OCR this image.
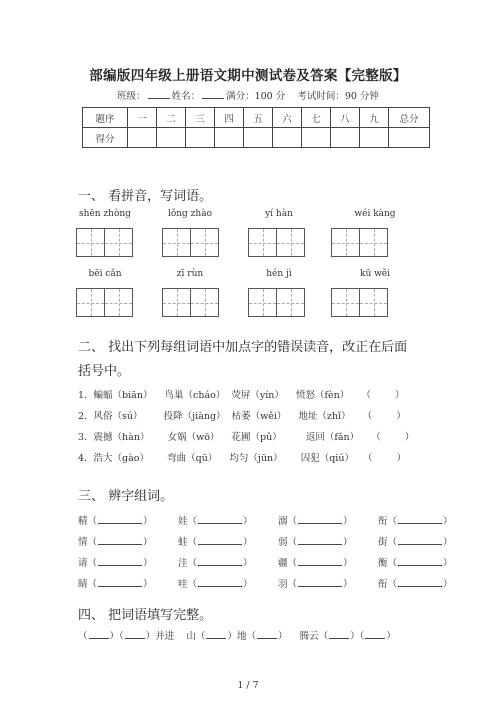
部编版四年级上册语文期中测试卷及答案【完整版】
班级：	姓名：	满分：100 分 考试时间：90 分钟
题序	一	二	三	四	五	六	七	八	九	总分
得分										
一、 看拼音，写词语。
shēn zhòng	lǒng zhào	yí hàn	wéi kàng
bēi cǎn	zī rùn	hén jì	kū wěi
二、 找出下列每组词语中加点字的错误读音，改正在后面
括号中。
1．蝙蝠（biān）    鸟巢（cháo）  荧屏（yín）    愤怒（fèn）    （        ）
2．风俗（sú）       投降（jiàng）  枯萎（wěi）    地址（zhǐ）    （        ）
3．震撼（hàn）      女娲（wō）    花圃（pǔ）        返回（fǎn）    （        ）
4．浩大（gào）      弯曲（qū）    均匀（jūn）      囚犯（qiú）   （        ）
三、 辨字组词。
精（	）	娃（	）	溺（	）	衔（	）
情（	）	蛙（	）	弱（	）	街（	）
请（	）	洼（	）	疆（	）	衡（	）
睛（	）	哇（	）	羽（	）	衔（	）
四、 把词语填写完整。
（ ）（ ）并进 山（ ）地（ ）    腾云（ ）（ ）
1 / 7
